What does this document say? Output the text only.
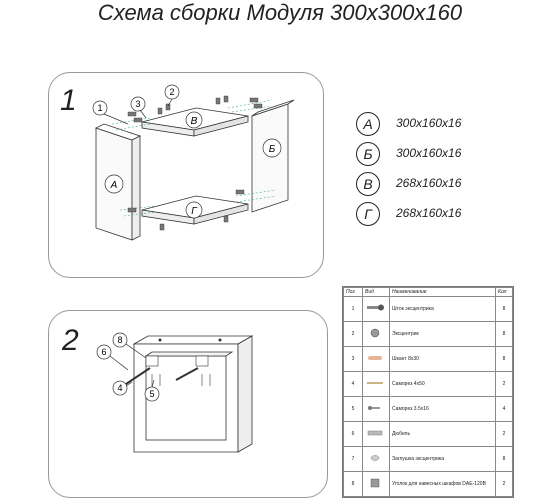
Схема сборки Модуля 300х300х160
1 1
2
3
А
Б
В
Г
8
6
4
5
2
А	300х160х16
Б	300х160х16
В	268х160х16
Г	268х160х16
Поз	Вид	Наименование	Кол
1		Шток эксцентрика	8
2		Эксцентрик	8
3		Шкант 8х30	8
4		Саморез 4х50	2
5		Саморез 3.5х16	4
6		Дюбель	2
7		Заглушка эксцентрика	8
8		Уголок для навесных шкафов DAE-120B	2
